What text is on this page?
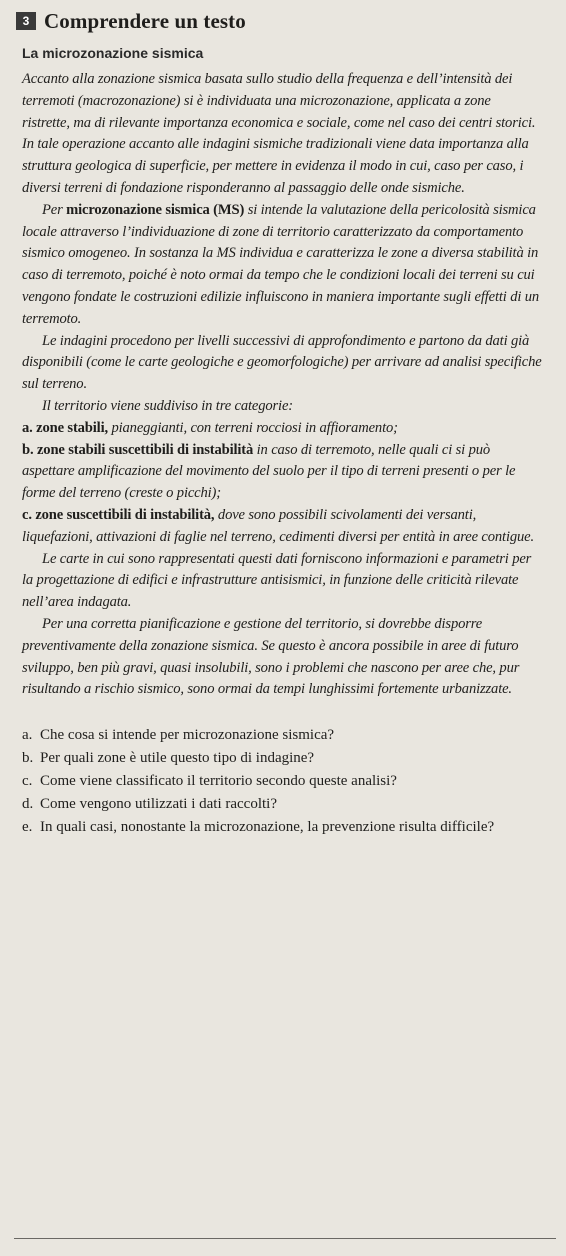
3 Comprendere un testo
La microzonazione sismica

Accanto alla zonazione sismica basata sullo studio della frequenza e dell’intensità dei terremoti (macrozonazione) si è individuata una microzonazione, applicata a zone ristrette, ma di rilevante importanza economica e sociale, come nel caso dei centri storici. In tale operazione accanto alle indagini sismiche tradizionali viene data importanza alla struttura geologica di superficie, per mettere in evidenza il modo in cui, caso per caso, i diversi terreni di fondazione risponderanno al passaggio delle onde sismiche.

Per microzonazione sismica (MS) si intende la valutazione della pericolosità sismica locale attraverso l’individuazione di zone di territorio caratterizzato da comportamento sismico omogeneo. In sostanza la MS individua e caratterizza le zone a diversa stabilità in caso di terremoto, poiché è noto ormai da tempo che le condizioni locali dei terreni su cui vengono fondate le costruzioni edilizie influiscono in maniera importante sugli effetti di un terremoto.

Le indagini procedono per livelli successivi di approfondimento e partono da dati già disponibili (come le carte geologiche e geomorfologiche) per arrivare ad analisi specifiche sul terreno.

Il territorio viene suddiviso in tre categorie:

a. zone stabili, pianeggianti, con terreni rocciosi in affioramento;

b. zone stabili suscettibili di instabilità in caso di terremoto, nelle quali ci si può aspettare amplificazione del movimento del suolo per il tipo di terreni presenti o per le forme del terreno (creste o picchi);

c. zone suscettibili di instabilità, dove sono possibili scivolamenti dei versanti, liquefazioni, attivazioni di faglie nel terreno, cedimenti diversi per entità in aree contigue.

Le carte in cui sono rappresentati questi dati forniscono informazioni e parametri per la progettazione di edifici e infrastrutture antisismici, in funzione delle criticità rilevate nell’area indagata.

Per una corretta pianificazione e gestione del territorio, si dovrebbe disporre preventivamente della zonazione sismica. Se questo è ancora possibile in aree di futuro sviluppo, ben più gravi, quasi insolubili, sono i problemi che nascono per aree che, pur risultando a rischio sismico, sono ormai da tempi lunghissimi fortemente urbanizzate.

a. Che cosa si intende per microzonazione sismica?
b. Per quali zone è utile questo tipo di indagine?
c. Come viene classificato il territorio secondo queste analisi?
d. Come vengono utilizzati i dati raccolti?
e. In quali casi, nonostante la microzonazione, la prevenzione risulta difficile?
